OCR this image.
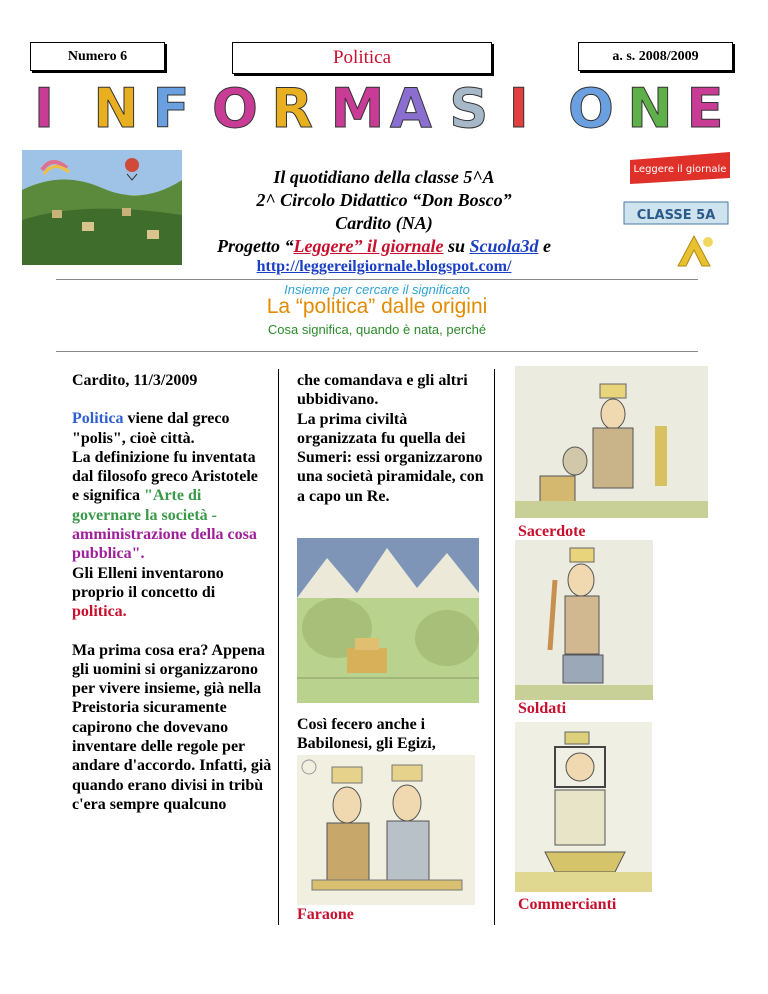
Numero 6	Politica	a. s. 2008/2009
I N F O R M A S I O N E
Leggere il giornale
CLASSE 5A
Il quotidiano della classe 5^A
2^ Circolo Didattico “Don Bosco”
Cardito (NA)
Progetto “Leggere” il giornale su Scuola3d e
http://leggereilgiornale.blogspot.com/
Insieme per cercare il significato
La “politica” dalle origini
Cosa significa, quando è nata, perché
Cardito, 11/3/2009
Politica viene dal greco "polis", cioè città.
La definizione fu inventata dal filosofo greco Aristotele
e significa "Arte di governare la società - amministrazione della cosa pubblica".
Gli Elleni inventarono proprio il concetto di politica.
Ma prima cosa era? Appena gli uomini si organizzarono per vivere insieme, già nella Preistoria sicuramente capirono che dovevano inventare delle regole per andare d'accordo. Infatti, già quando erano divisi in tribù c'era sempre qualcuno
che comandava e gli altri ubbidivano.
La prima civiltà organizzata fu quella dei Sumeri: essi organizzarono una società piramidale, con a capo un Re.
Così fecero anche i Babilonesi, gli Egizi,
Sacerdote
Soldati
Commercianti
Faraone
